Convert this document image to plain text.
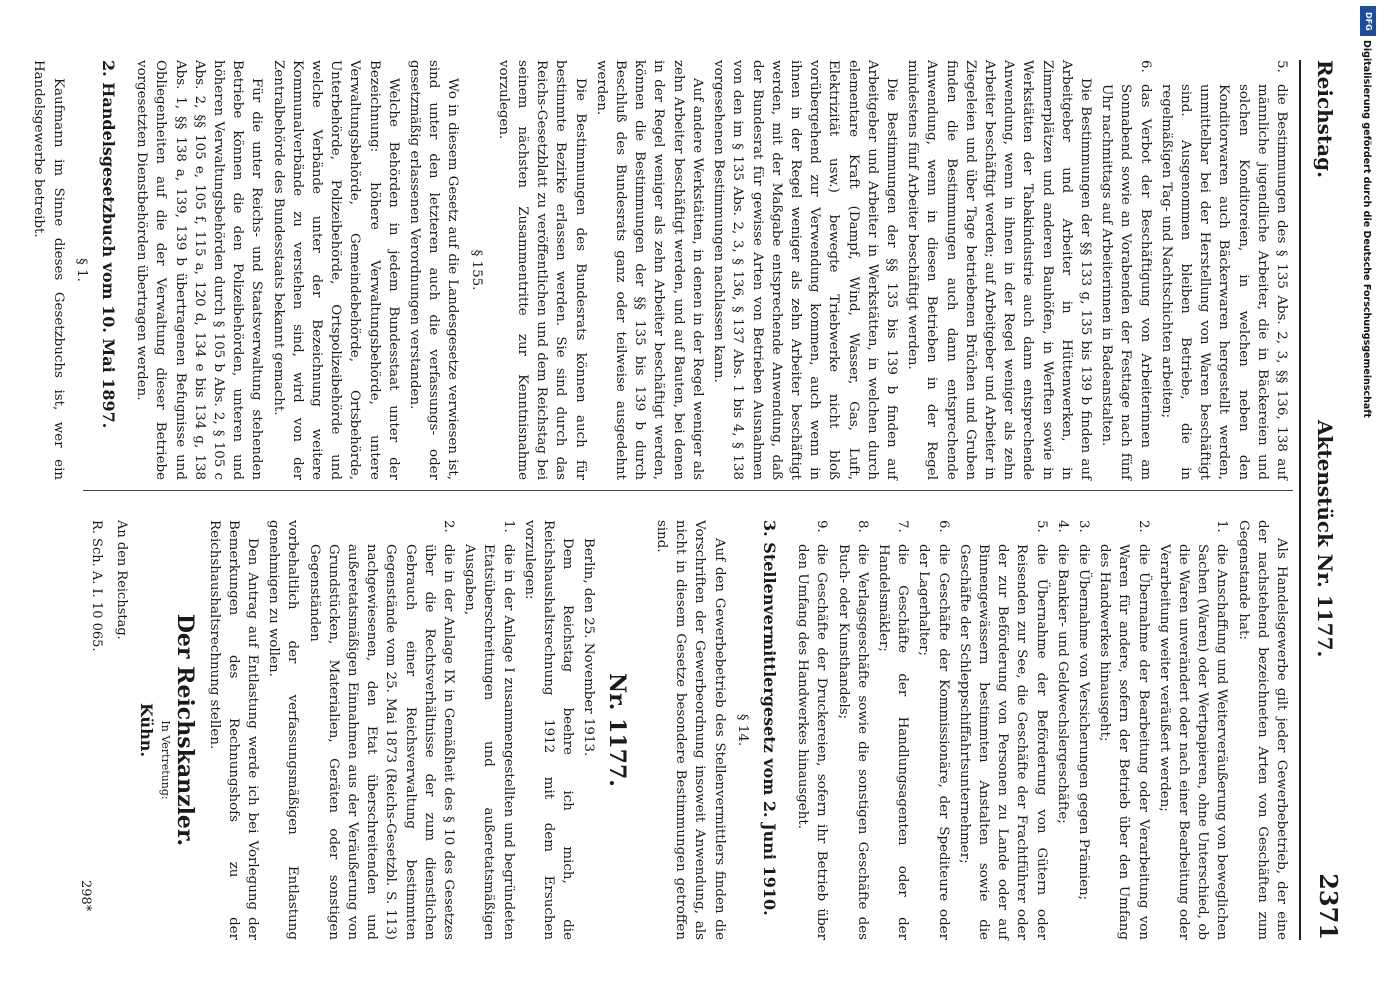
Reichstag.
Aktenstück Nr. 1177.
2371
5.
die Bestimmungen des § 135 Abs. 2, 3, §§ 136, 138 auf männliche jugendliche Arbeiter, die in Bäckereien und solchen Konditoreien, in welchen neben den Konditorwaren auch Bäckerwaren hergestellt werden, unmittelbar bei der Herstellung von Waren beschäftigt sind. Ausgenommen bleiben Betriebe, die in regelmäßigen Tag- und Nachtschichten arbeiten;
6.
das Verbot der Beschäftigung von Arbeiterinnen am Sonnabend sowie an Vorabenden der Festtage nach fünf Uhr nachmittags auf Arbeiterinnen in Badeanstalten.

Die Bestimmungen der §§ 133 g, 135 bis 139 b finden auf Arbeitgeber und Arbeiter in Hüttenwerken, in Zimmerplätzen und anderen Bauhöfen, in Werften sowie in Werkstätten der Tabakindustrie auch dann entsprechende Anwendung, wenn in ihnen in der Regel weniger als zehn Arbeiter beschäftigt werden; auf Arbeitgeber und Arbeiter in Ziegeleien und über Tage betriebenen Brüchen und Gruben finden die Bestimmungen auch dann entsprechende Anwendung, wenn in diesen Betrieben in der Regel mindestens fünf Arbeiter beschäftigt werden.

Die Bestimmungen der §§ 135 bis 139 b finden auf Arbeitgeber und Arbeiter in Werkstätten, in welchen durch elementare Kraft (Dampf, Wind, Wasser, Gas, Luft, Elektrizität usw.) bewegte Triebwerke nicht bloß vorübergehend zur Verwendung kommen, auch wenn in ihnen in der Regel weniger als zehn Arbeiter beschäftigt werden, mit der Maßgabe entsprechende Anwendung, daß der Bundesrat für gewisse Arten von Betrieben Ausnahmen von den im § 135 Abs. 2, 3, § 136, § 137 Abs. 1 bis 4, § 138 vorgesehenen Bestimmungen nachlassen kann.

Auf andere Werkstätten, in denen in der Regel weniger als zehn Arbeiter beschäftigt werden, und auf Bauten, bei denen in der Regel weniger als zehn Arbeiter beschäftigt werden, können die Bestimmungen der §§ 135 bis 139 b durch Beschluß des Bundesrats ganz oder teilweise ausgedehnt werden.

Die Bestimmungen des Bundesrats können auch für bestimmte Bezirke erlassen werden. Sie sind durch das Reichs-Gesetzblatt zu veröffentlichen und dem Reichstag bei seinem nächsten Zusammentritte zur Kenntnisnahme vorzulegen.

§ 155.

Wo in diesem Gesetz auf die Landesgesetze verwiesen ist, sind unter den letzteren auch die verfassungs- oder gesetzmäßig erlassenen Verordnungen verstanden.

Welche Behörden in jedem Bundesstaat unter der Bezeichnung: höhere Verwaltungsbehörde, untere Verwaltungsbehörde, Gemeindebehörde, Ortsbehörde, Unterbehörde, Polizeibehörde, Ortspolizeibehörde und welche Verbände unter der Bezeichnung weitere Kommunalverbände zu verstehen sind, wird von der Zentralbehörde des Bundesstaats bekannt gemacht.

Für die unter Reichs- und Staatsverwaltung stehenden Betriebe können die den Polizeibehörden, unteren und höheren Verwaltungsbehörden durch § 105 b Abs. 2, § 105 c Abs. 2, §§ 105 e, 105 f, 115 a, 120 d, 134 e bis 134 g, 138 Abs. 1, §§ 138 a, 139, 139 b übertragenen Befugnisse und Obliegenheiten auf die der Verwaltung dieser Betriebe vorgesetzten Dienstbehörden übertragen werden.

2. Handelsgesetzbuch vom 10. Mai 1897.
§ 1.

Kaufmann im Sinne dieses Gesetzbuchs ist, wer ein Handelsgewerbe betreibt.

Als Handelsgewerbe gilt jeder Gewerbebetrieb, der eine der nachstehend bezeichneten Arten von Geschäften zum Gegenstande hat:

1.
die Anschaffung und Weiterveräußerung von beweglichen Sachen (Waren) oder Wertpapieren, ohne Unterschied, ob die Waren unverändert oder nach einer Bearbeitung oder Verarbeitung weiter veräußert werden;
2.
die Übernahme der Bearbeitung oder Verarbeitung von Waren für andere, sofern der Betrieb über den Umfang des Handwerkes hinausgeht;
3.
die Übernahme von Versicherungen gegen Prämien;
4.
die Bankier- und Geldwechslergeschäfte;
5.
die Übernahme der Beförderung von Gütern oder Reisenden zur See, die Geschäfte der Frachtführer oder der zur Beförderung von Personen zu Lande oder auf Binnengewässern bestimmten Anstalten sowie die Geschäfte der Schleppschiffahrtsunternehmer;
6.
die Geschäfte der Kommissionäre, der Spediteure oder der Lagerhalter;
7.
die Geschäfte der Handlungsagenten oder der Handelsmäkler;
8.
die Verlagsgeschäfte sowie die sonstigen Geschäfte des Buch- oder Kunsthandels;
9.
die Geschäfte der Druckereien, sofern ihr Betrieb über den Umfang des Handwerkes hinausgeht.
3. Stellenvermittlergesetz vom 2. Juni 1910.
§ 14.

Auf den Gewerbebetrieb des Stellenvermittlers finden die Vorschriften der Gewerbeordnung insoweit Anwendung, als nicht in diesem Gesetze besondere Bestimmungen getroffen sind.

Nr. 1177.

Berlin, den 25. November 1913.

Dem Reichstag beehre ich mich, die Reichshaushaltsrechnung 1912 mit dem Ersuchen vorzulegen:

1.
die in der Anlage I zusammengestellten und begründeten Etatsüberschreitungen und außeretatsmäßigen Ausgaben,
2.
die in der Anlage IX in Gemäßheit des § 10 des Gesetzes über die Rechtsverhältnisse der zum dienstlichen Gebrauch einer Reichsverwaltung bestimmten Gegenstände vom 25. Mai 1873 (Reichs-Gesetzbl. S. 113) nachgewiesenen, den Etat überschreitenden und außeretatsmäßigen Einnahmen aus der Veräußerung von Grundstücken, Materialien, Geräten oder sonstigen Gegenständen

vorbehaltlich der verfassungsmäßigen Entlastung genehmigen zu wollen.

Den Antrag auf Entlastung werde ich bei Vorlegung der Bemerkungen des Rechnungshofs zu der Reichshaushaltsrechnung stellen.

Der Reichskanzler.
In Vertretung:
Kühn.
An den Reichstag.
R. Sch. A. I. 10 065.
298*
DFG
Digitalisierung gefördert durch die Deutsche Forschungsgemeinschaft
